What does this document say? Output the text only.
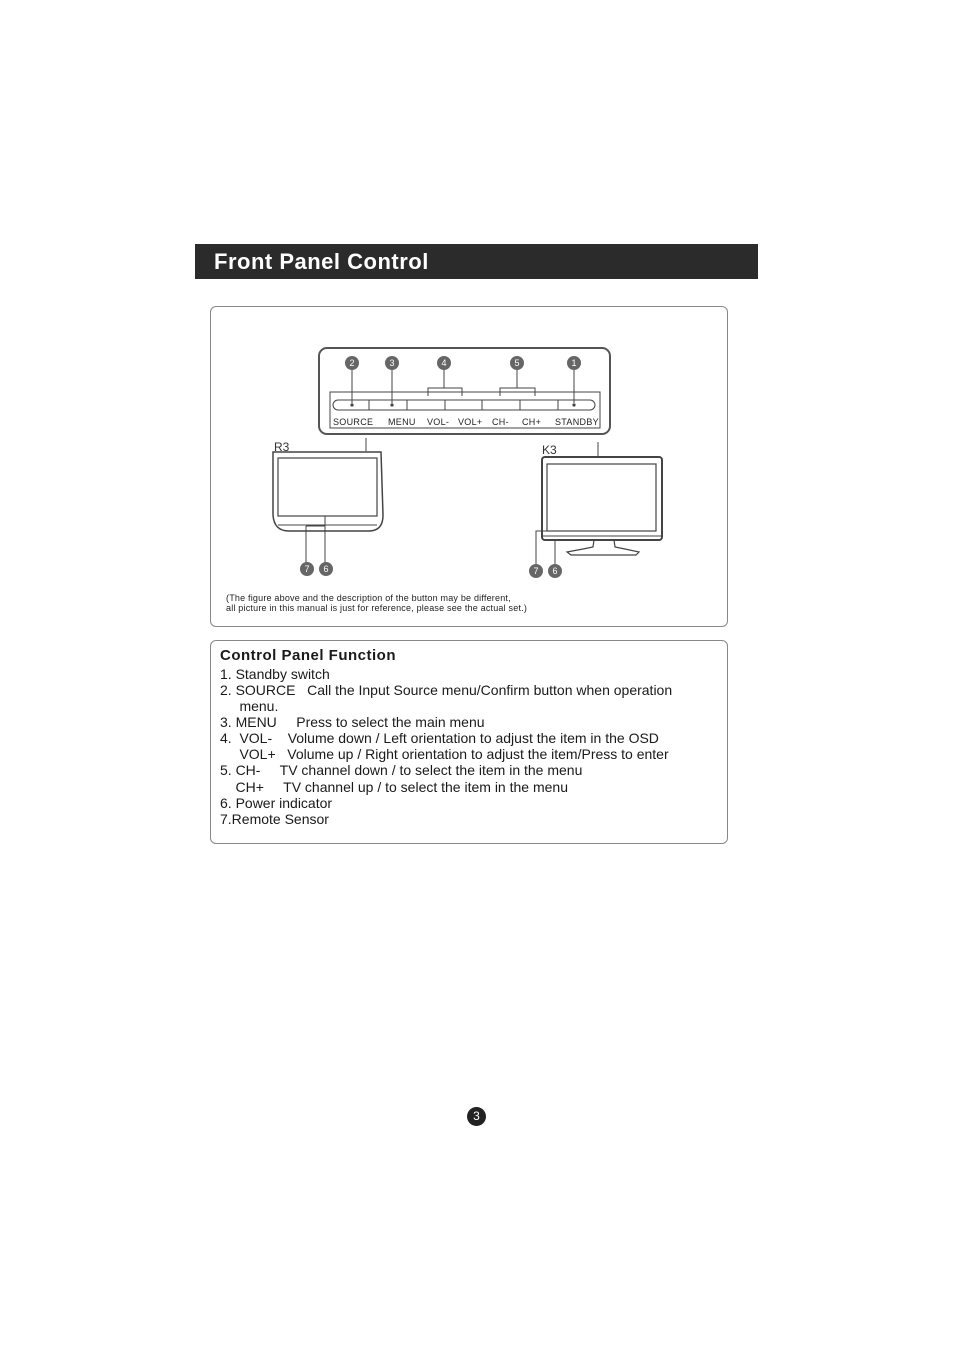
Front Panel Control
2	3	4	5	1
SOURCE MENU VOL- VOL+ CH- CH+ STANDBY
R3	K3
7 6	7 6
(The figure above and the description of the button may be different,
all picture in this manual is just for reference, please see the actual set.)
Control Panel Function
1. Standby switch
2. SOURCE   Call the Input Source menu/Confirm button when operation
menu.
3. MENU     Press to select the main menu
4.  VOL-    Volume down / Left orientation to adjust the item in the OSD
VOL+   Volume up / Right orientation to adjust the item/Press to enter
5. CH-     TV channel down / to select the item in the menu
CH+     TV channel up / to select the item in the menu
6. Power indicator
7.Remote Sensor
3
